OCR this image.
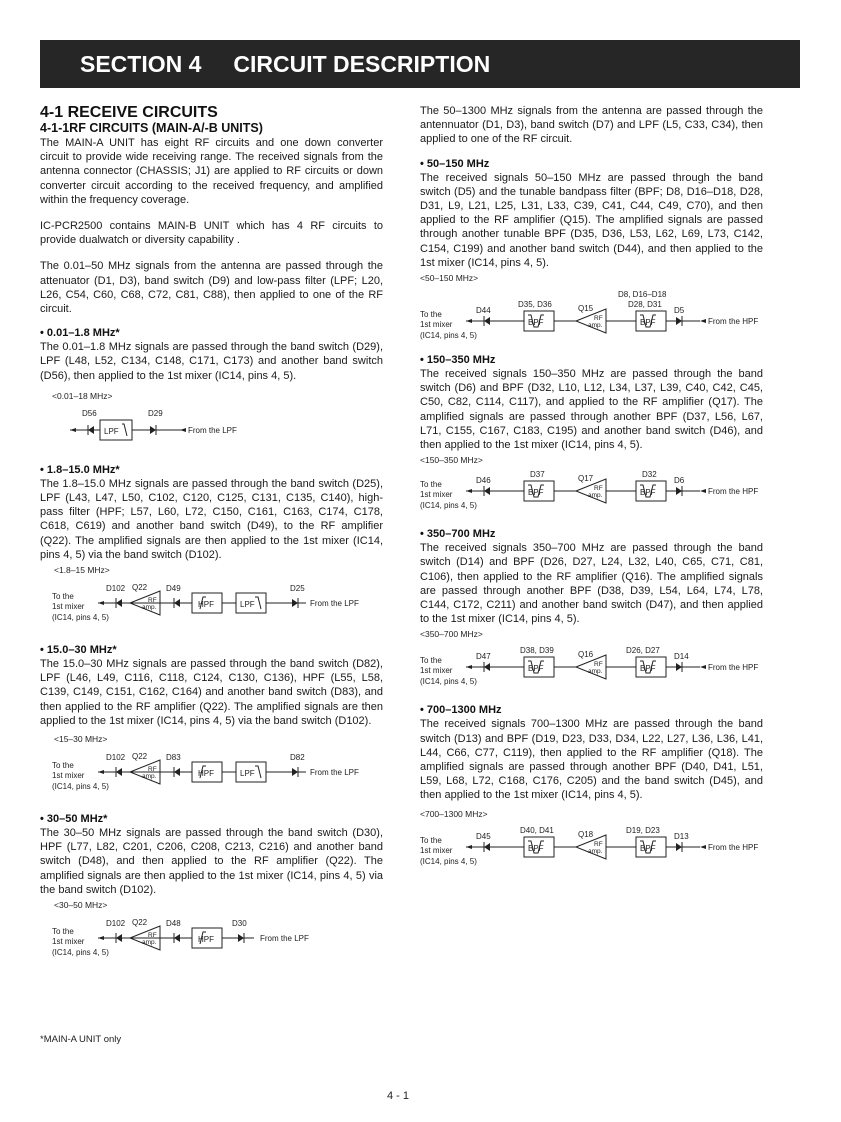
SECTION 4 CIRCUIT DESCRIPTION
4-1 RECEIVE CIRCUITS
4-1-1RF CIRCUITS (MAIN-A/-B UNITS)

The MAIN-A UNIT has eight RF circuits and one down converter circuit to provide wide receiving range. The received signals from the antenna connector (CHASSIS; J1) are applied to RF circuits or down converter circuit according to the received frequency, and amplified within the frequency coverage.

IC-PCR2500 contains MAIN-B UNIT which has 4 RF circuits to provide dualwatch or diversity capability .

The 0.01–50 MHz signals from the antenna are passed through the attenuator (D1, D3), band switch (D9) and low-pass filter (LPF; L20, L26, C54, C60, C68, C72, C81, C88), then applied to one of the RF circuit.

• 0.01–1.8 MHz*

The 0.01–1.8 MHz signals are passed through the band switch (D29), LPF (L48, L52, C134, C148, C171, C173) and another band switch (D56), then applied to the 1st mixer (IC14, pins 4, 5).

<0.01–18 MHz>
D56	D29
LPF	From the LPF
• 1.8–15.0 MHz*

The 1.8–15.0 MHz signals are passed through the band switch (D25), LPF (L43, L47, L50, C102, C120, C125, C131, C135, C140), high-pass filter (HPF; L57, L60, L72, C150, C161, C163, C174, C178, C618, C619) and another band switch (D49), to the RF amplifier (Q22). The amplified signals are then applied to the 1st mixer (IC14, pins 4, 5) via the band switch (D102).

<1.8–15 MHz>
To the
1st mixer
(IC14, pins 4, 5)
D102 Q22
RF
amp.
D49
HPF	LPF
D25
From the LPF
• 15.0–30 MHz*

The 15.0–30 MHz signals are passed through the band switch (D82), LPF (L46, L49, C116, C118, C124, C130, C136), HPF (L55, L58, C139, C149, C151, C162, C164) and another band switch (D83), and then applied to the RF amplifier (Q22). The amplified signals are then applied to the 1st mixer (IC14, pins 4, 5) via the band switch (D102).

<15–30 MHz>
To the
1st mixer
(IC14, pins 4, 5)
D102 Q22
RF
amp.
D83
HPF	LPF
D82
From the LPF
• 30–50 MHz*

The 30–50 MHz signals are passed through the band switch (D30), HPF (L77, L82, C201, C206, C208, C213, C216) and another band switch (D48), and then applied to the RF amplifier (Q22). The amplified signals are then applied to the 1st mixer (IC14, pins 4, 5) via the band switch (D102).

<30–50 MHz>
To the
1st mixer
(IC14, pins 4, 5)
D102 Q22
RF
amp.
D48
HPF
D30
From the LPF

The 50–1300 MHz signals from the antenna are passed through the antennuator (D1, D3), band switch (D7) and LPF (L5, C33, C34), then applied to one of the RF circuit.

• 50–150 MHz

The received signals 50–150 MHz are passed through the band switch (D5) and the tunable bandpass filter (BPF; D8, D16–D18, D28, D31, L9, L21, L25, L31, L33, C39, C41, C44, C49, C70), and then applied to the RF amplifier (Q15). The amplified signals are passed through another tunable BPF (D35, D36, L53, L62, L69, L73, C142, C154, C199) and another band switch (D44), and then applied to the 1st mixer (IC14, pins 4, 5).

<50–150 MHz>
To the
1st mixer
(IC14, pins 4, 5)
D44
D35, D36
BPF
Q15
RF
amp.
D8, D16–D18
D28, D31
BPF
D5
From the HPF
• 150–350 MHz

The received signals 150–350 MHz are passed through the band switch (D6) and BPF (D32, L10, L12, L34, L37, L39, C40, C42, C45, C50, C82, C114, C117), and applied to the RF amplifier (Q17). The amplified signals are passed through another BPF (D37, L56, L67, L71, C155, C167, C183, C195) and another band switch (D46), and then applied to the 1st mixer (IC14, pins 4, 5).

<150–350 MHz>
To the
1st mixer
(IC14, pins 4, 5)
D46
D37
BPF
Q17
RF
amp.
D32
BPF
D6
From the HPF
• 350–700 MHz

The received signals 350–700 MHz are passed through the band switch (D14) and BPF (D26, D27, L24, L32, L40, C65, C71, C81, C106), then applied to the RF amplifier (Q16). The amplified signals are passed through another BPF (D38, D39, L54, L64, L74, L78, C144, C172, C211) and another band switch (D47), and then applied to the 1st mixer (IC14, pins 4, 5).

<350–700 MHz>
To the
1st mixer
(IC14, pins 4, 5)
D47
D38, D39
BPF
Q16
RF
amp.
D26, D27
BPF
D14
From the HPF
• 700–1300 MHz

The received signals 700–1300 MHz are passed through the band switch (D13) and BPF (D19, D23, D33, D34, L22, L27, L36, L36, L41, L44, C66, C77, C119), then applied to the RF amplifier (Q18). The amplified signals are passed through another BPF (D40, D41, L51, L59, L68, L72, C168, C176, C205) and the band switch (D45), and then applied to the 1st mixer (IC14, pins 4, 5).

<700–1300 MHz>
To the
1st mixer
(IC14, pins 4, 5)
D45
D40, D41
BPF
Q18
RF
amp.
D19, D23
BPF
D13
From the HPF
*MAIN-A UNIT only
4 - 1
